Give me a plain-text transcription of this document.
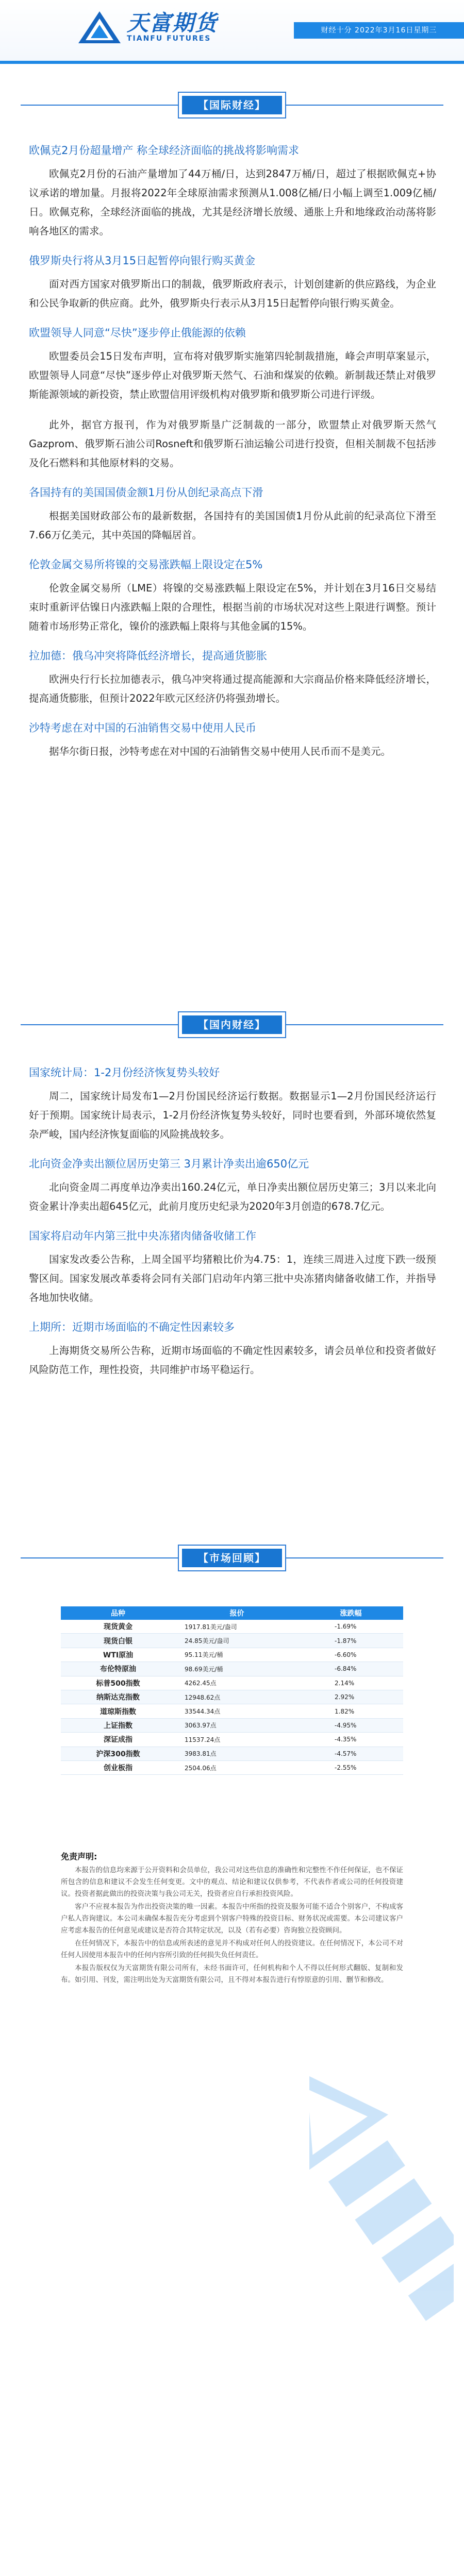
天富期货
TIANFU FUTURES
财经十分 2022年3月16日星期三
【国际财经】
欧佩克2月份超量增产 称全球经济面临的挑战将影响需求
欧佩克2月份的石油产量增加了44万桶/日，达到2847万桶/日，超过了根据欧佩克+协议承诺的增加量。月报将2022年全球原油需求预测从1.008亿桶/日小幅上调至1.009亿桶/日。欧佩克称，全球经济面临的挑战，尤其是经济增长放缓、通胀上升和地缘政治动荡将影响各地区的需求。
俄罗斯央行将从3月15日起暂停向银行购买黄金
面对西方国家对俄罗斯出口的制裁，俄罗斯政府表示，计划创建新的供应路线，为企业和公民争取新的供应商。此外，俄罗斯央行表示从3月15日起暂停向银行购买黄金。
欧盟领导人同意“尽快”逐步停止俄能源的依赖
欧盟委员会15日发布声明，宣布将对俄罗斯实施第四轮制裁措施，峰会声明草案显示，欧盟领导人同意“尽快”逐步停止对俄罗斯天然气、石油和煤炭的依赖。新制裁还禁止对俄罗斯能源领域的新投资，禁止欧盟信用评级机构对俄罗斯和俄罗斯公司进行评级。
此外，据官方报刊，作为对俄罗斯垦广泛制裁的一部分，欧盟禁止对俄罗斯天然气Gazprom、俄罗斯石油公司Rosneft和俄罗斯石油运输公司进行投资，但相关制裁不包括涉及化石燃料和其他原材料的交易。
各国持有的美国国债金额1月份从创纪录高点下滑
根据美国财政部公布的最新数据，各国持有的美国国债1月份从此前的纪录高位下滑至7.66万亿美元，其中英国的降幅居首。
伦敦金属交易所将镍的交易涨跌幅上限设定在5%
伦敦金属交易所（LME）将镍的交易涨跌幅上限设定在5%，并计划在3月16日交易结束时重新评估镍日内涨跌幅上限的合理性，根据当前的市场状况对这些上限进行调整。预计随着市场形势正常化，镍价的涨跌幅上限将与其他金属的15%。
拉加德：俄乌冲突将降低经济增长，提高通货膨胀
欧洲央行行长拉加德表示，俄乌冲突将通过提高能源和大宗商品价格来降低经济增长，提高通货膨胀，但预计2022年欧元区经济仍将强劲增长。
沙特考虑在对中国的石油销售交易中使用人民币
据华尔街日报，沙特考虑在对中国的石油销售交易中使用人民币而不是美元。
【国内财经】
国家统计局：1-2月份经济恢复势头较好
周二，国家统计局发布1—2月份国民经济运行数据。数据显示1—2月份国民经济运行好于预期。国家统计局表示，1-2月份经济恢复势头较好，同时也要看到，外部环境依然复杂严峻，国内经济恢复面临的风险挑战较多。
北向资金净卖出额位居历史第三 3月累计净卖出逾650亿元
北向资金周二再度单边净卖出160.24亿元，单日净卖出额位居历史第三；3月以来北向资金累计净卖出超645亿元，此前月度历史纪录为2020年3月创造的678.7亿元。
国家将启动年内第三批中央冻猪肉储备收储工作
国家发改委公告称，上周全国平均猪粮比价为4.75：1，连续三周进入过度下跌一级预警区间。国家发展改革委将会同有关部门启动年内第三批中央冻猪肉储备收储工作，并指导各地加快收储。
上期所：近期市场面临的不确定性因素较多
上海期货交易所公告称，近期市场面临的不确定性因素较多，请会员单位和投资者做好风险防范工作，理性投资，共同维护市场平稳运行。
【市场回顾】
品种	报价	涨跌幅
现货黄金	1917.81美元/盎司	-1.69%
现货白银	24.85美元/盎司	-1.87%
WTI原油	95.11美元/桶	-6.60%
布伦特原油	98.69美元/桶	-6.84%
标普500指数	4262.45点	2.14%
纳斯达克指数	12948.62点	2.92%
道琼斯指数	33544.34点	1.82%
上证指数	3063.97点	-4.95%
深证成指	11537.24点	-4.35%
沪深300指数	3983.81点	-4.57%
创业板指	2504.06点	-2.55%
免责声明:

本报告的信息均来源于公开资料和会员单位，我公司对这些信息的准确性和完整性不作任何保证，也不保证所包含的信息和建议不会发生任何变更。文中的观点、结论和建议仅供参考，不代表作者或公司的任何投资建议。投资者据此做出的投资决策与我公司无关，投资者应自行承担投资风险。

客户不应视本报告为作出投资决策的唯一因素。本报告中所指的投资及服务可能不适合个别客户，不构成客户私人咨询建议。本公司未确保本报告充分考虑到个别客户特殊的投资目标、财务状况或需要。本公司建议客户应考虑本报告的任何意见或建议是否符合其特定状况，以及（若有必要）咨询独立投资顾问。

在任何情况下，本报告中的信息或所表述的意见并不构成对任何人的投资建议。在任何情况下，本公司不对任何人因使用本报告中的任何内容所引致的任何损失负任何责任。

本报告版权仅为天富期货有限公司所有，未经书面许可，任何机构和个人不得以任何形式翻版、复制和发布。如引用、刊发，需注明出处为天富期货有限公司，且不得对本报告进行有悖原意的引用、删节和修改。
